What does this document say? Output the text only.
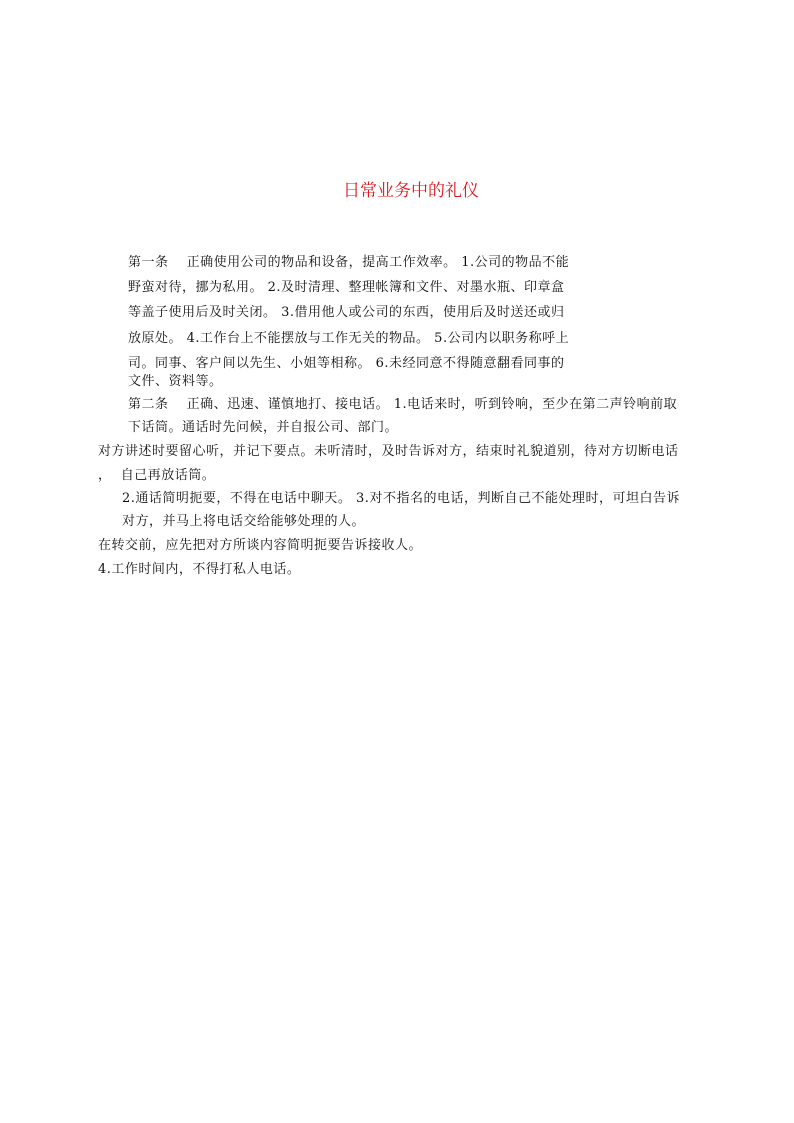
日常业务中的礼仪
第一条　 正确使用公司的物品和设备，提高工作效率。 1.公司的物品不能
野蛮对待，挪为私用。 2.及时清理、整理帐簿和文件、对墨水瓶、印章盒
等盖子使用后及时关闭。 3.借用他人或公司的东西，使用后及时送还或归
放原处。 4.工作台上不能摆放与工作无关的物品。 5.公司内以职务称呼上
司。同事、客户间以先生、小姐等相称。 6.未经同意不得随意翻看同事的
文件、资料等。
第二条　 正确、迅速、谨慎地打、接电话。 1.电话来时，听到铃响，至少在第二声铃响前取
下话筒。通话时先问候，并自报公司、部门。
对方讲述时要留心听，并记下要点。未听清时，及时告诉对方，结束时礼貌道别，待对方切断电话
，  自己再放话筒。
2.通话简明扼要，不得在电话中聊天。 3.对不指名的电话，判断自己不能处理时，可坦白告诉
对方，并马上将电话交给能够处理的人。
在转交前，应先把对方所谈内容简明扼要告诉接收人。
4.工作时间内，不得打私人电话。
